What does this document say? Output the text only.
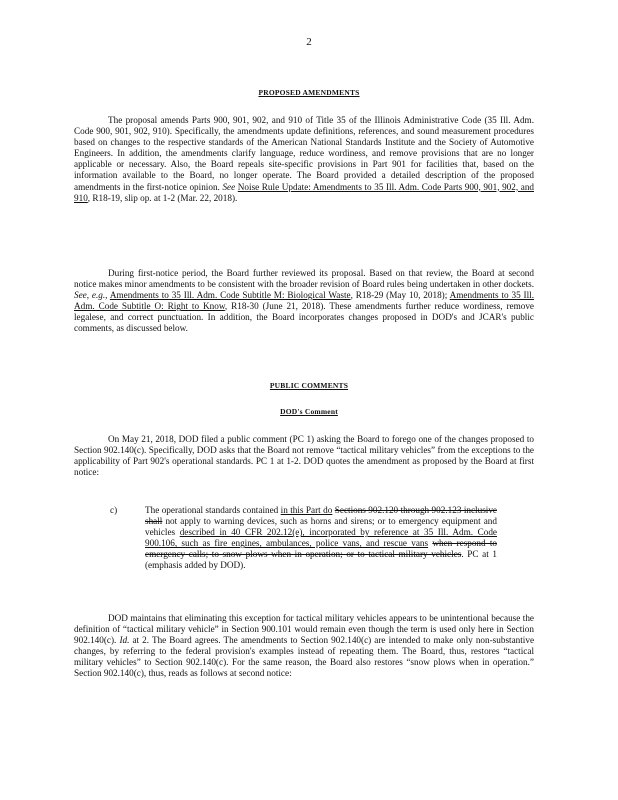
2
PROPOSED AMENDMENTS
The proposal amends Parts 900, 901, 902, and 910 of Title 35 of the Illinois Administrative Code (35 Ill. Adm. Code 900, 901, 902, 910). Specifically, the amendments update definitions, references, and sound measurement procedures based on changes to the respective standards of the American National Standards Institute and the Society of Automotive Engineers. In addition, the amendments clarify language, reduce wordiness, and remove provisions that are no longer applicable or necessary. Also, the Board repeals site-specific provisions in Part 901 for facilities that, based on the information available to the Board, no longer operate. The Board provided a detailed description of the proposed amendments in the first-notice opinion. See Noise Rule Update: Amendments to 35 Ill. Adm. Code Parts 900, 901, 902, and 910, R18-19, slip op. at 1-2 (Mar. 22, 2018).
During first-notice period, the Board further reviewed its proposal. Based on that review, the Board at second notice makes minor amendments to be consistent with the broader revision of Board rules being undertaken in other dockets. See, e.g., Amendments to 35 Ill. Adm. Code Subtitle M: Biological Waste, R18-29 (May 10, 2018); Amendments to 35 Ill. Adm. Code Subtitle O: Right to Know, R18-30 (June 21, 2018). These amendments further reduce wordiness, remove legalese, and correct punctuation. In addition, the Board incorporates changes proposed in DOD's and JCAR's public comments, as discussed below.
PUBLIC COMMENTS
DOD's Comment
On May 21, 2018, DOD filed a public comment (PC 1) asking the Board to forego one of the changes proposed to Section 902.140(c). Specifically, DOD asks that the Board not remove “tactical military vehicles” from the exceptions to the applicability of Part 902's operational standards. PC 1 at 1-2. DOD quotes the amendment as proposed by the Board at first notice:
c)	The operational standards contained in this Part do Sections 902.120 through 902.123 inclusive shall not apply to warning devices, such as horns and sirens; or to emergency equipment and vehicles described in 40 CFR 202.12(e), incorporated by reference at 35 Ill. Adm. Code 900.106, such as fire engines, ambulances, police vans, and rescue vans when respond to emergency calls; to snow plows when in operation; or to tactical military vehicles. PC at 1 (emphasis added by DOD).
DOD maintains that eliminating this exception for tactical military vehicles appears to be unintentional because the definition of “tactical military vehicle” in Section 900.101 would remain even though the term is used only here in Section 902.140(c). Id. at 2. The Board agrees. The amendments to Section 902.140(c) are intended to make only non-substantive changes, by referring to the federal provision's examples instead of repeating them. The Board, thus, restores “tactical military vehicles” to Section 902.140(c). For the same reason, the Board also restores “snow plows when in operation.” Section 902.140(c), thus, reads as follows at second notice:
